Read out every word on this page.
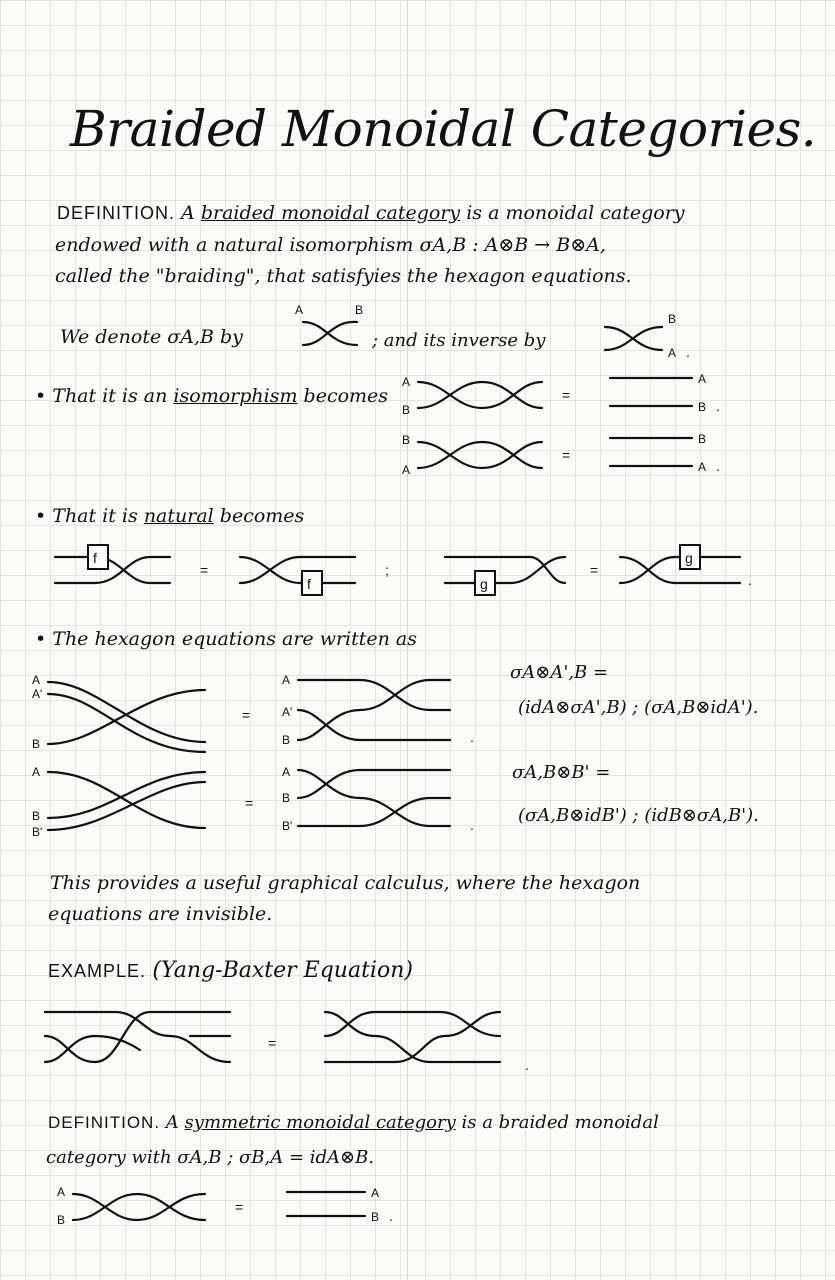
Braided Monoidal Categories.
DEFINITION. A braided monoidal category is a monoidal category
endowed with a natural isomorphism σA,B : A⊗B → B⊗A,
called the "braiding", that satisfyies the hexagon equations.
We denote σA,B by
A	B
; and its inverse by
B
A .
• That it is an isomorphism becomes
A
B
=
A
B .
B
A
=
B
A .
• That it is natural becomes
f
=
f
;
g
=
g
.
• The hexagon equations are written as
A
A'
B
=
A
A'
B	.
σA⊗A',B =
(idA⊗σA',B) ; (σA,B⊗idA').
A
B
B'
=
A
B
B'	.
σA,B⊗B' =
(σA,B⊗idB') ; (idB⊗σA,B').
This provides a useful graphical calculus, where the hexagon
equations are invisible.
EXAMPLE. (Yang-Baxter Equation)
=
.
DEFINITION. A symmetric monoidal category is a braided monoidal
category with σA,B ; σB,A = idA⊗B.
A
B
=
A
B .
